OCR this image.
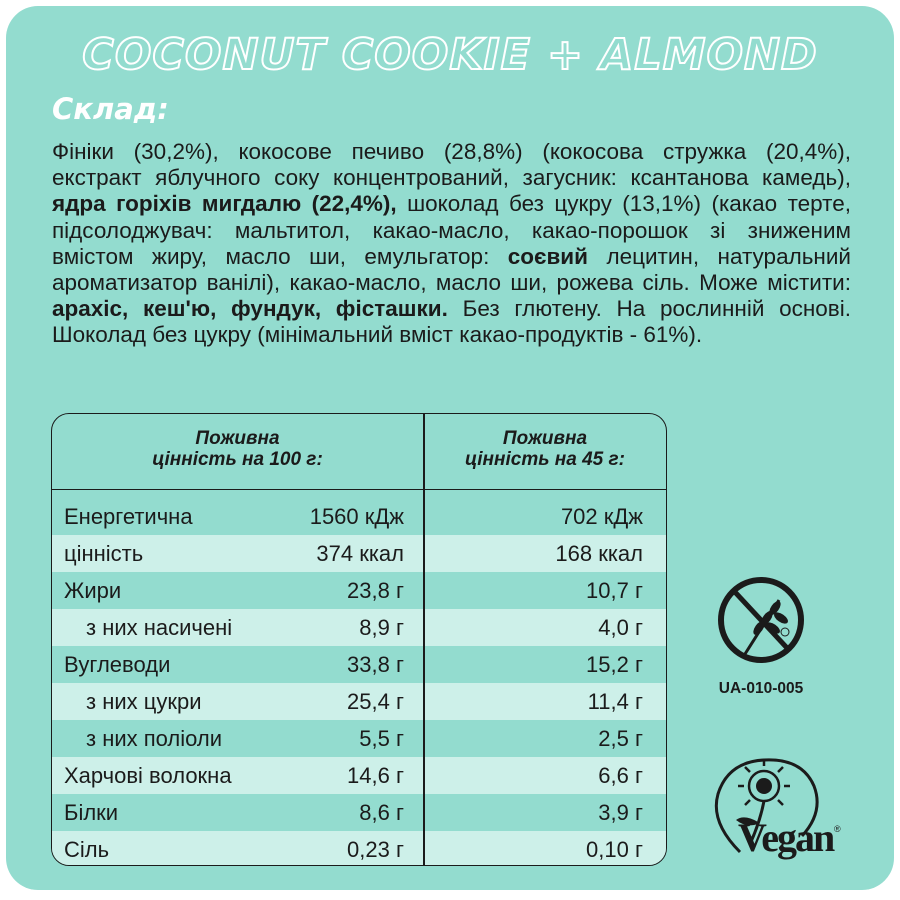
COCONUT COOKIE + ALMOND
Склад:
Фініки (30,2%), кокосове печиво (28,8%) (кокосова стружка (20,4%), екстракт яблучного соку концентрований, загусник: ксантанова камедь), ядра горіхів мигдалю (22,4%), шоколад без цукру (13,1%) (какао терте, підсолоджувач: мальтитол, какао-масло, какао-порошок зі зниженим вмістом жиру, масло ши, емульгатор: соєвий лецитин, натуральний ароматизатор ванілі), какао-масло, масло ши, рожева сіль. Може містити: арахіс, кеш'ю, фундук, фісташки. Без глютену. На рослинній основі. Шоколад без цукру (мінімальний вміст какао-продуктів - 61%).
Поживна
цінність на 100 г:
Поживна
цінність на 45 г:
Енергетична	1560 кДж	702 кДж
цінність	374 ккал	168 ккал
Жири	23,8 г	10,7 г
з них насичені	8,9 г	4,0 г
Вуглеводи	33,8 г	15,2 г
з них цукри	25,4 г	11,4 г
з них поліоли	5,5 г	2,5 г
Харчові волокна	14,6 г	6,6 г
Білки	8,6 г	3,9 г
Сіль	0,23 г	0,10 г
UA-010-005
Vegan ®
